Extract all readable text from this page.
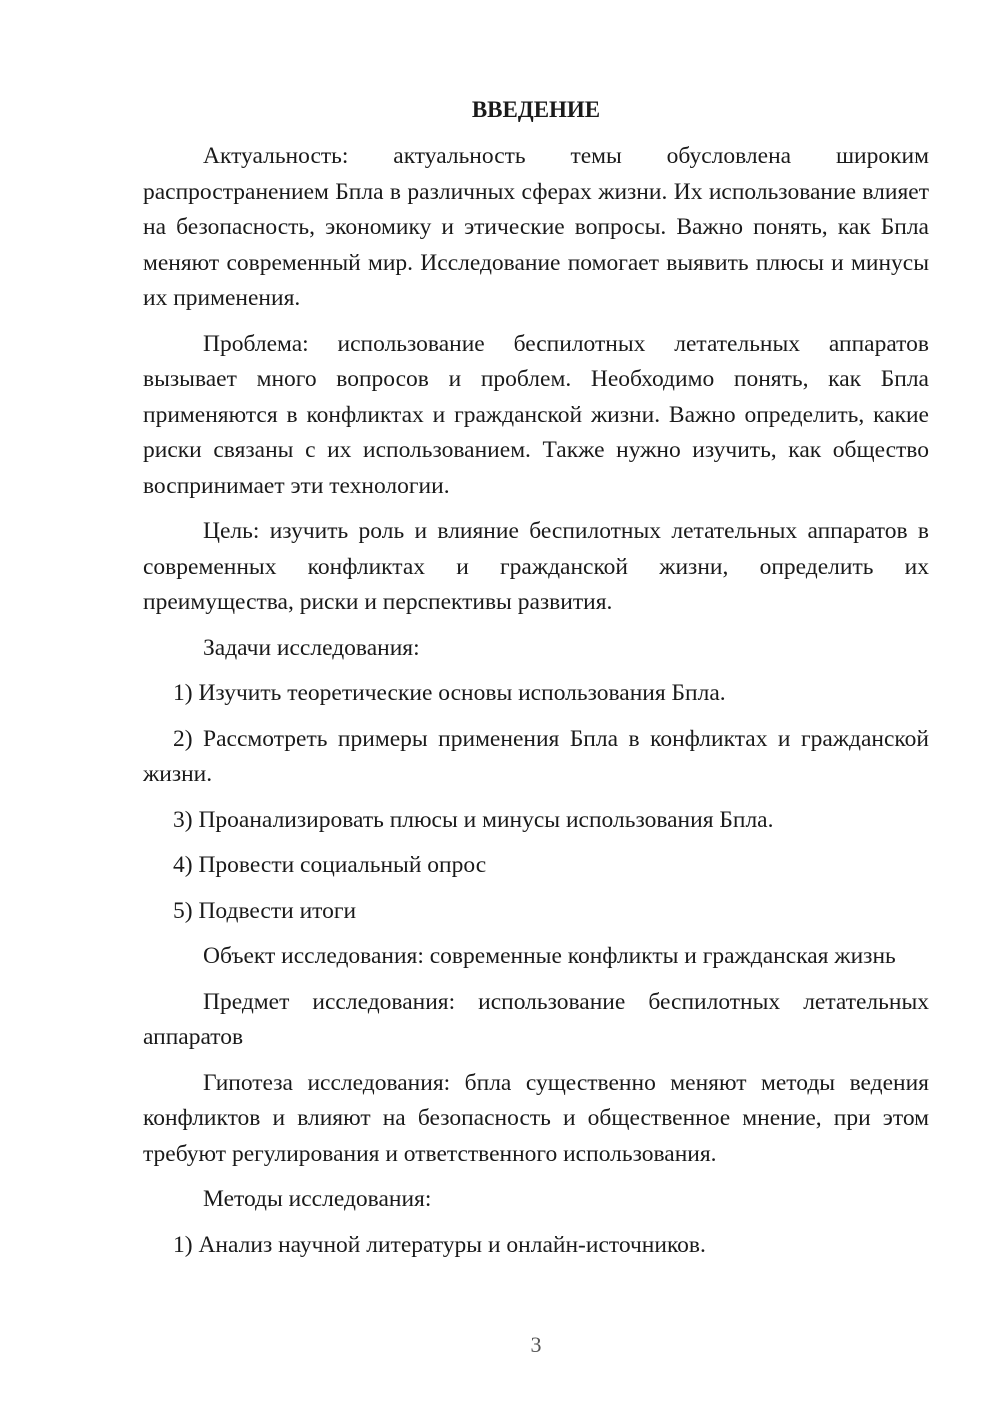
ВВЕДЕНИЕ

Актуальность: актуальность темы обусловлена широким распространением Бпла в различных сферах жизни. Их использование влияет на безопасность, экономику и этические вопросы. Важно понять, как Бпла меняют современный мир. Исследование помогает выявить плюсы и минусы их применения.

Проблема: использование беспилотных летательных аппаратов вызывает много вопросов и проблем. Необходимо понять, как Бпла применяются в конфликтах и гражданской жизни. Важно определить, какие риски связаны с их использованием. Также нужно изучить, как общество воспринимает эти технологии.

Цель: изучить роль и влияние беспилотных летательных аппаратов в современных конфликтах и гражданской жизни, определить их преимущества, риски и перспективы развития.

Задачи исследования:

1) Изучить теоретические основы использования Бпла.

2) Рассмотреть примеры применения Бпла в конфликтах и гражданской жизни.

3) Проанализировать плюсы и минусы использования Бпла.

4) Провести социальный опрос

5) Подвести итоги

Объект исследования: современные конфликты и гражданская жизнь

Предмет исследования: использование беспилотных летательных аппаратов

Гипотеза исследования: бпла существенно меняют методы ведения конфликтов и влияют на безопасность и общественное мнение, при этом требуют регулирования и ответственного использования.

Методы исследования:

1) Анализ научной литературы и онлайн-источников.

3
